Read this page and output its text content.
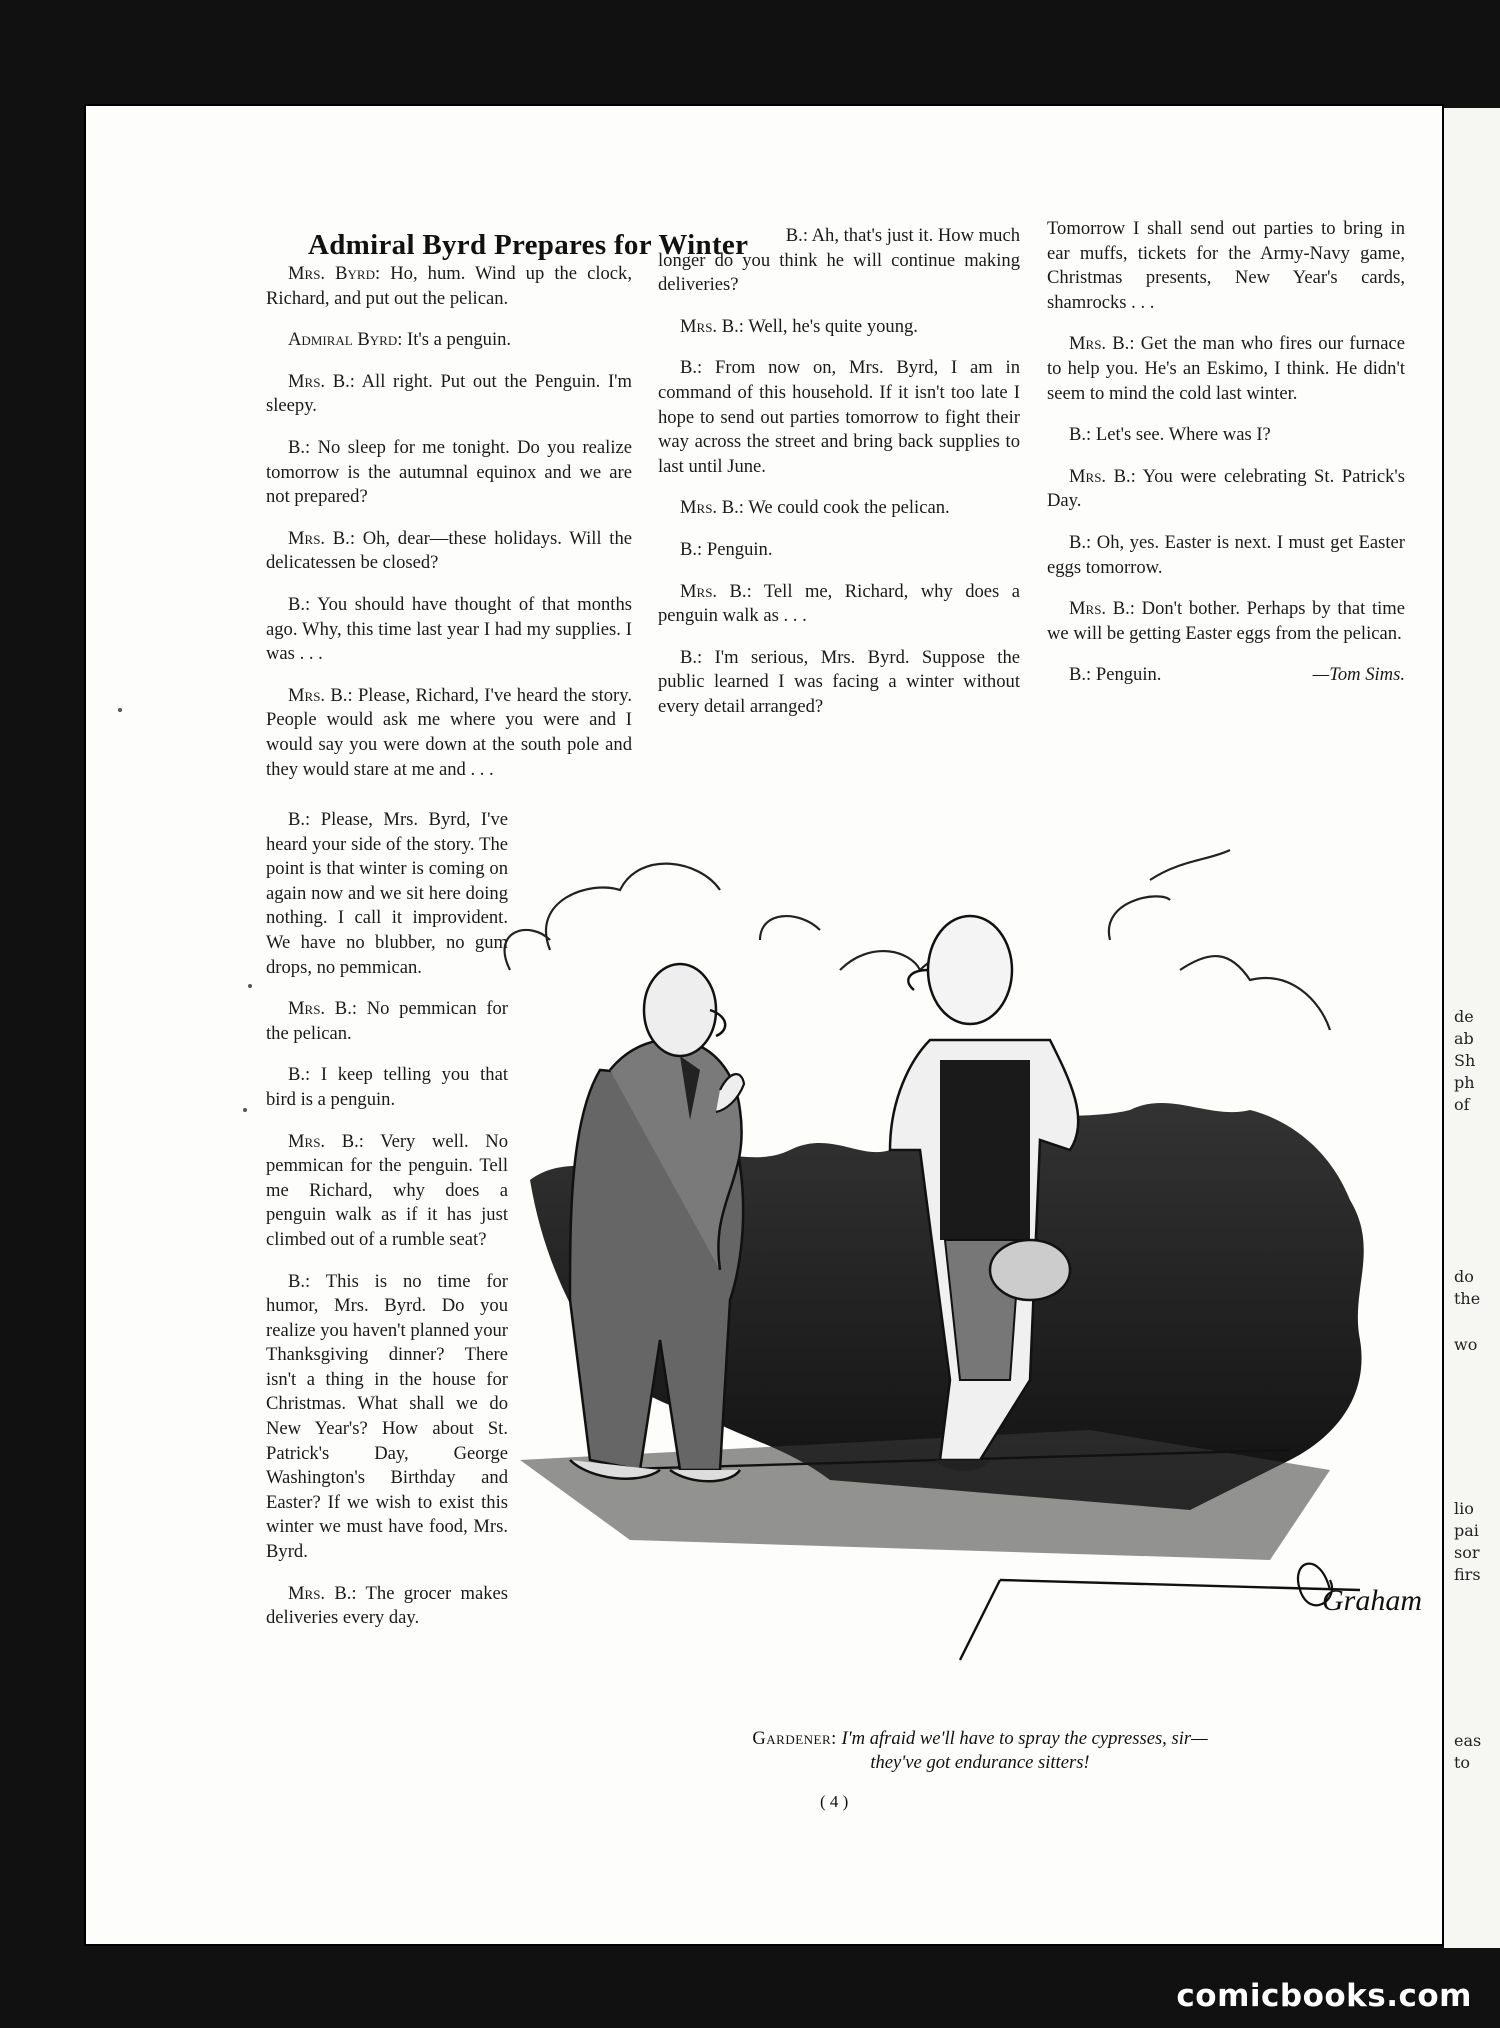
de
ab
Sh
ph
of
do
the
wo
lio
pai
sor
firs
eas
to
Admiral Byrd Prepares for Winter

Mrs. Byrd: Ho, hum. Wind up the clock, Richard, and put out the pelican.

Admiral Byrd: It's a penguin.

Mrs. B.: All right. Put out the Penguin. I'm sleepy.

B.: No sleep for me tonight. Do you realize tomorrow is the autumnal equinox and we are not prepared?

Mrs. B.: Oh, dear—these holidays. Will the delicatessen be closed?

B.: You should have thought of that months ago. Why, this time last year I had my supplies. I was . . .

Mrs. B.: Please, Richard, I've heard the story. People would ask me where you were and I would say you were down at the south pole and they would stare at me and . . .

B.: Please, Mrs. Byrd, I've heard your side of the story. The point is that winter is coming on again now and we sit here doing nothing. I call it improvident. We have no blubber, no gum drops, no pemmican.

Mrs. B.: No pemmican for the pelican.

B.: I keep telling you that bird is a penguin.

Mrs. B.: Very well. No pemmican for the penguin. Tell me Richard, why does a penguin walk as if it has just climbed out of a rumble seat?

B.: This is no time for humor, Mrs. Byrd. Do you realize you haven't planned your Thanksgiving dinner? There isn't a thing in the house for Christmas. What shall we do New Year's? How about St. Patrick's Day, George Washington's Birthday and Easter? If we wish to exist this winter we must have food, Mrs. Byrd.

Mrs. B.: The grocer makes deliveries every day.

B.: Ah, that's just it. How much

longer do you think he will continue making deliveries?

Mrs. B.: Well, he's quite young.

B.: From now on, Mrs. Byrd, I am in command of this household. If it isn't too late I hope to send out parties tomorrow to fight their way across the street and bring back supplies to last until June.

Mrs. B.: We could cook the pelican.

B.: Penguin.

Mrs. B.: Tell me, Richard, why does a penguin walk as . . .

B.: I'm serious, Mrs. Byrd. Suppose the public learned I was facing a winter without every detail arranged?

Tomorrow I shall send out parties to bring in ear muffs, tickets for the Army-Navy game, Christmas presents, New Year's cards, shamrocks . . .

Mrs. B.: Get the man who fires our furnace to help you. He's an Eskimo, I think. He didn't seem to mind the cold last winter.

B.: Let's see. Where was I?

Mrs. B.: You were celebrating St. Patrick's Day.

B.: Oh, yes. Easter is next. I must get Easter eggs tomorrow.

Mrs. B.: Don't bother. Perhaps by that time we will be getting Easter eggs from the pelican.

B.: Penguin.	—Tom Sims.

Graham
Gardener: I'm afraid we'll have to spray the cypresses, sir—
they've got endurance sitters!
( 4 )
comicbooks.com
